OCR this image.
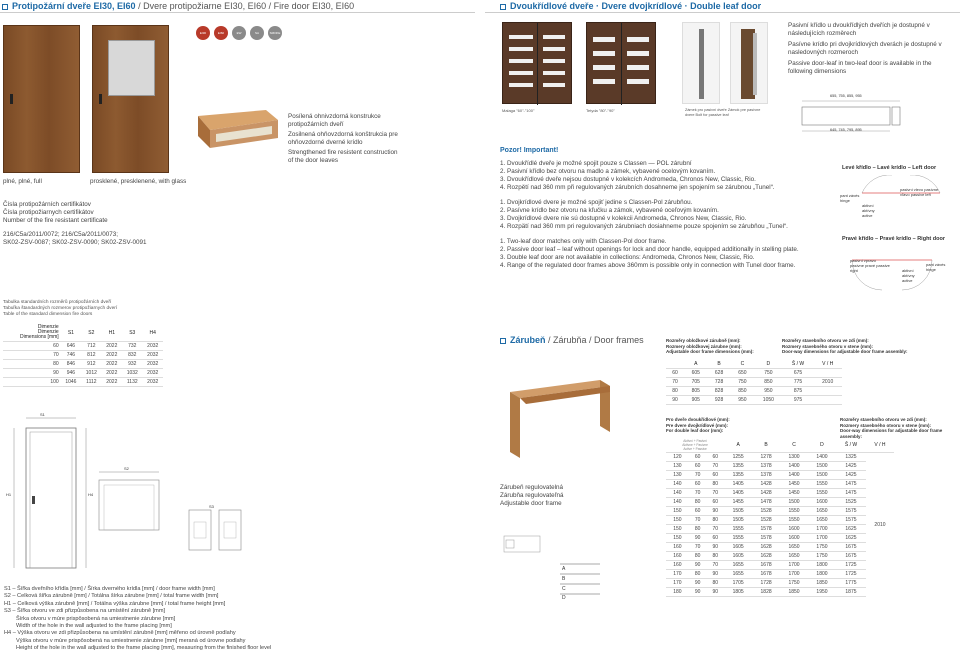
Protipožární dveře EI30, EI60 / Dvere protipožiarne EI30, EI60 / Fire door EI30, EI60
EI30	EI60	EW	SA	SMOKE
Posílená ohnivzdorná konstrukce protipožárních dveří
Zosilnená ohňovzdorná konštrukcia pre ohňovzdorné dverné krídlo
Strengthened fire resistent construction of the door leaves
plné, plné, full	prosklené, presklenené, with glass
Čísla protipožárních certifikátov
Čísla protipožiarnych certifikátov
Number of the fire resistant certificate
216/C5a/2011/0072; 216/C5a/2011/0073;
SK02-ZSV-0087; SK02-ZSV-0090; SK02-ZSV-0091
Tabulka standardních rozměrů protipožárních dveří
Tabuľka štandardných rozmerov protipožiarnych dverí
Table of the standard dimension fire doors
Dimenzie
Dimenzie
Dimensions [mm]	S1	S2	H1	S3	H4
60	646	712	2022	732	2032
70	746	812	2022	832	2032
80	846	912	2022	932	2032
90	946	1012	2022	1032	2032
100	1046	1112	2022	1132	2032
S1
H1	H4
S2
S3
S1 – Šířka dveřního křídla [mm] / Šírka dverného krídla [mm] / door frame width [mm]
S2 – Celková šířka zárubně [mm] / Totálna šírka zárubne [mm] / total frame width [mm]
H1 – Celková výška zárubně [mm] / Totálna výška zárubne [mm] / total frame height [mm]
S3 – Šířka otvoru ve zdi přizpůsobena na umístění zárubně [mm]
Šírka otvoru v múre prispôsobená na umiestnenie zárubne [mm]
Width of the hole in the wall adjusted to the frame placing [mm]
H4 – Výška otvoru ve zdi přizpůsobena na umístění zárubně [mm] měřeno od úrovně podlahy
Výška otvoru v múre prispôsobená na umiestnenie zárubne [mm] meraná od úrovne podlahy
Height of the hole in the wall adjusted to the frame placing [mm], measuring from the finished floor level
Dvoukřídlové dveře · Dvere dvojkrídlové · Double leaf door
Malaga "60"-"100"	Tetyda "80"-"90"	Zámek pro pasivní dveře Zámok pre pasívne dvere Bolt for passive leaf
Pasivní křídlo u dvoukřídlých dveřích je dostupné v následujících rozměrech
Pasívne krídlo pri dvojkrídlových dverách je dostupné v nasledovných rozmeroch
Passive door-leaf in two-leaf door is available in the following dimensions
655, 755, 855, 955
645, 745, 795, 895
Pozor! Important!
1. Dvoukřídlé dveře je možné spojit pouze s Classen — POL zárubní
2. Pasivní křídlo bez otvoru na madlo a zámek, vybavené ocelovým kovaním.
3. Dvoukřídlové dveře nejsou dostupné v kolekcích Andromeda, Chronos New, Classic, Rio.
4. Rozpětí nad 360 mm při regulovaných zárubních dosahneme jen spojením se zárubnou „Tunel“.
1. Dvojkrídlové dvere je možné spojiť jedine s Classen-Pol zárubňou.
2. Pasívne krídlo bez otvoru na kľučku a zámok, vybavené oceľovým kovaním.
3. Dvojkrídlové dvere nie sú dostupné v kolekcii Andromeda, Chronos New, Classic, Rio.
4. Rozpätí nad 360 mm pri regulovaných zárubniach dosiahneme pouze spojením se zárubňou „Tunel“.
1. Two-leaf door matches only with Classen-Pol door frame.
2. Passive door leaf – leaf without openings for lock and door handle, equipped additionally in stelling plate.
3. Double leaf door are not available in collections: Andromeda, Chronos New, Classic, Rio.
4. Range of the regulated door frames above 360mm is possible only in connection with Tunel door frame.
Levé křídlo – Lavé krídlo – Left door
pasivní vlevo pasívne vľavo passive left
aktivní aktívny active
pant závés hinge
Pravé křídlo – Pravé krídlo – Right door
pasivní vpravo pasívne pravé passive right	aktivní aktívny active
pant závés hinge
Zárubeň / Zárubňa / Door frames
Zárubeň regulovatelná
Zárubňa regulovateľná
Adjustable door frame
A
B
C
D
Rozměry obložkové zárubně (mm):
Rozmery obložkovej zárubne (mm):
Adjustable door frame dimensions (mm):
Rozměry stavebního otvoru ve zdi (mm):
Rozmery stavebného otvoru v stene (mm):
Door-way dimensions for adjustable door frame assembly:
	A	B	C	D	Š / W	V / H
60	605	628	650	750	675	
70	705	728	750	850	775	2010
80	805	828	850	950	875	
90	905	928	950	1050	975	
Pro dveře dvoukřídlové (mm):
Pre dvere dvojkrídlové (mm):
For double leaf door (mm):
Rozměry stavebního otvoru ve zdi (mm):
Rozmery stavebného otvoru v stene (mm):
Door-way dimensions for adjustable door frame assembly:
Aktivní + Pasivní
Aktivne + Pasívne
Active + Passive			A	B	C	D	Š / W	V / H
120	60	60	1255	1278	1300	1400	1325	2010
130	60	70	1355	1378	1400	1500	1425	
130	70	60	1355	1378	1400	1500	1425	
140	60	80	1405	1428	1450	1550	1475	
140	70	70	1405	1428	1450	1550	1475	
140	80	60	1455	1478	1500	1600	1525	
150	60	90	1505	1528	1550	1650	1575	
150	70	80	1505	1528	1550	1650	1575	
150	80	70	1555	1578	1600	1700	1625	
150	90	60	1555	1578	1600	1700	1625	
160	70	90	1605	1628	1650	1750	1675	
160	80	80	1605	1628	1650	1750	1675	
160	90	70	1655	1678	1700	1800	1725	
170	80	90	1655	1678	1700	1800	1725	
170	90	80	1705	1728	1750	1850	1775	
180	90	90	1805	1828	1850	1950	1875	
